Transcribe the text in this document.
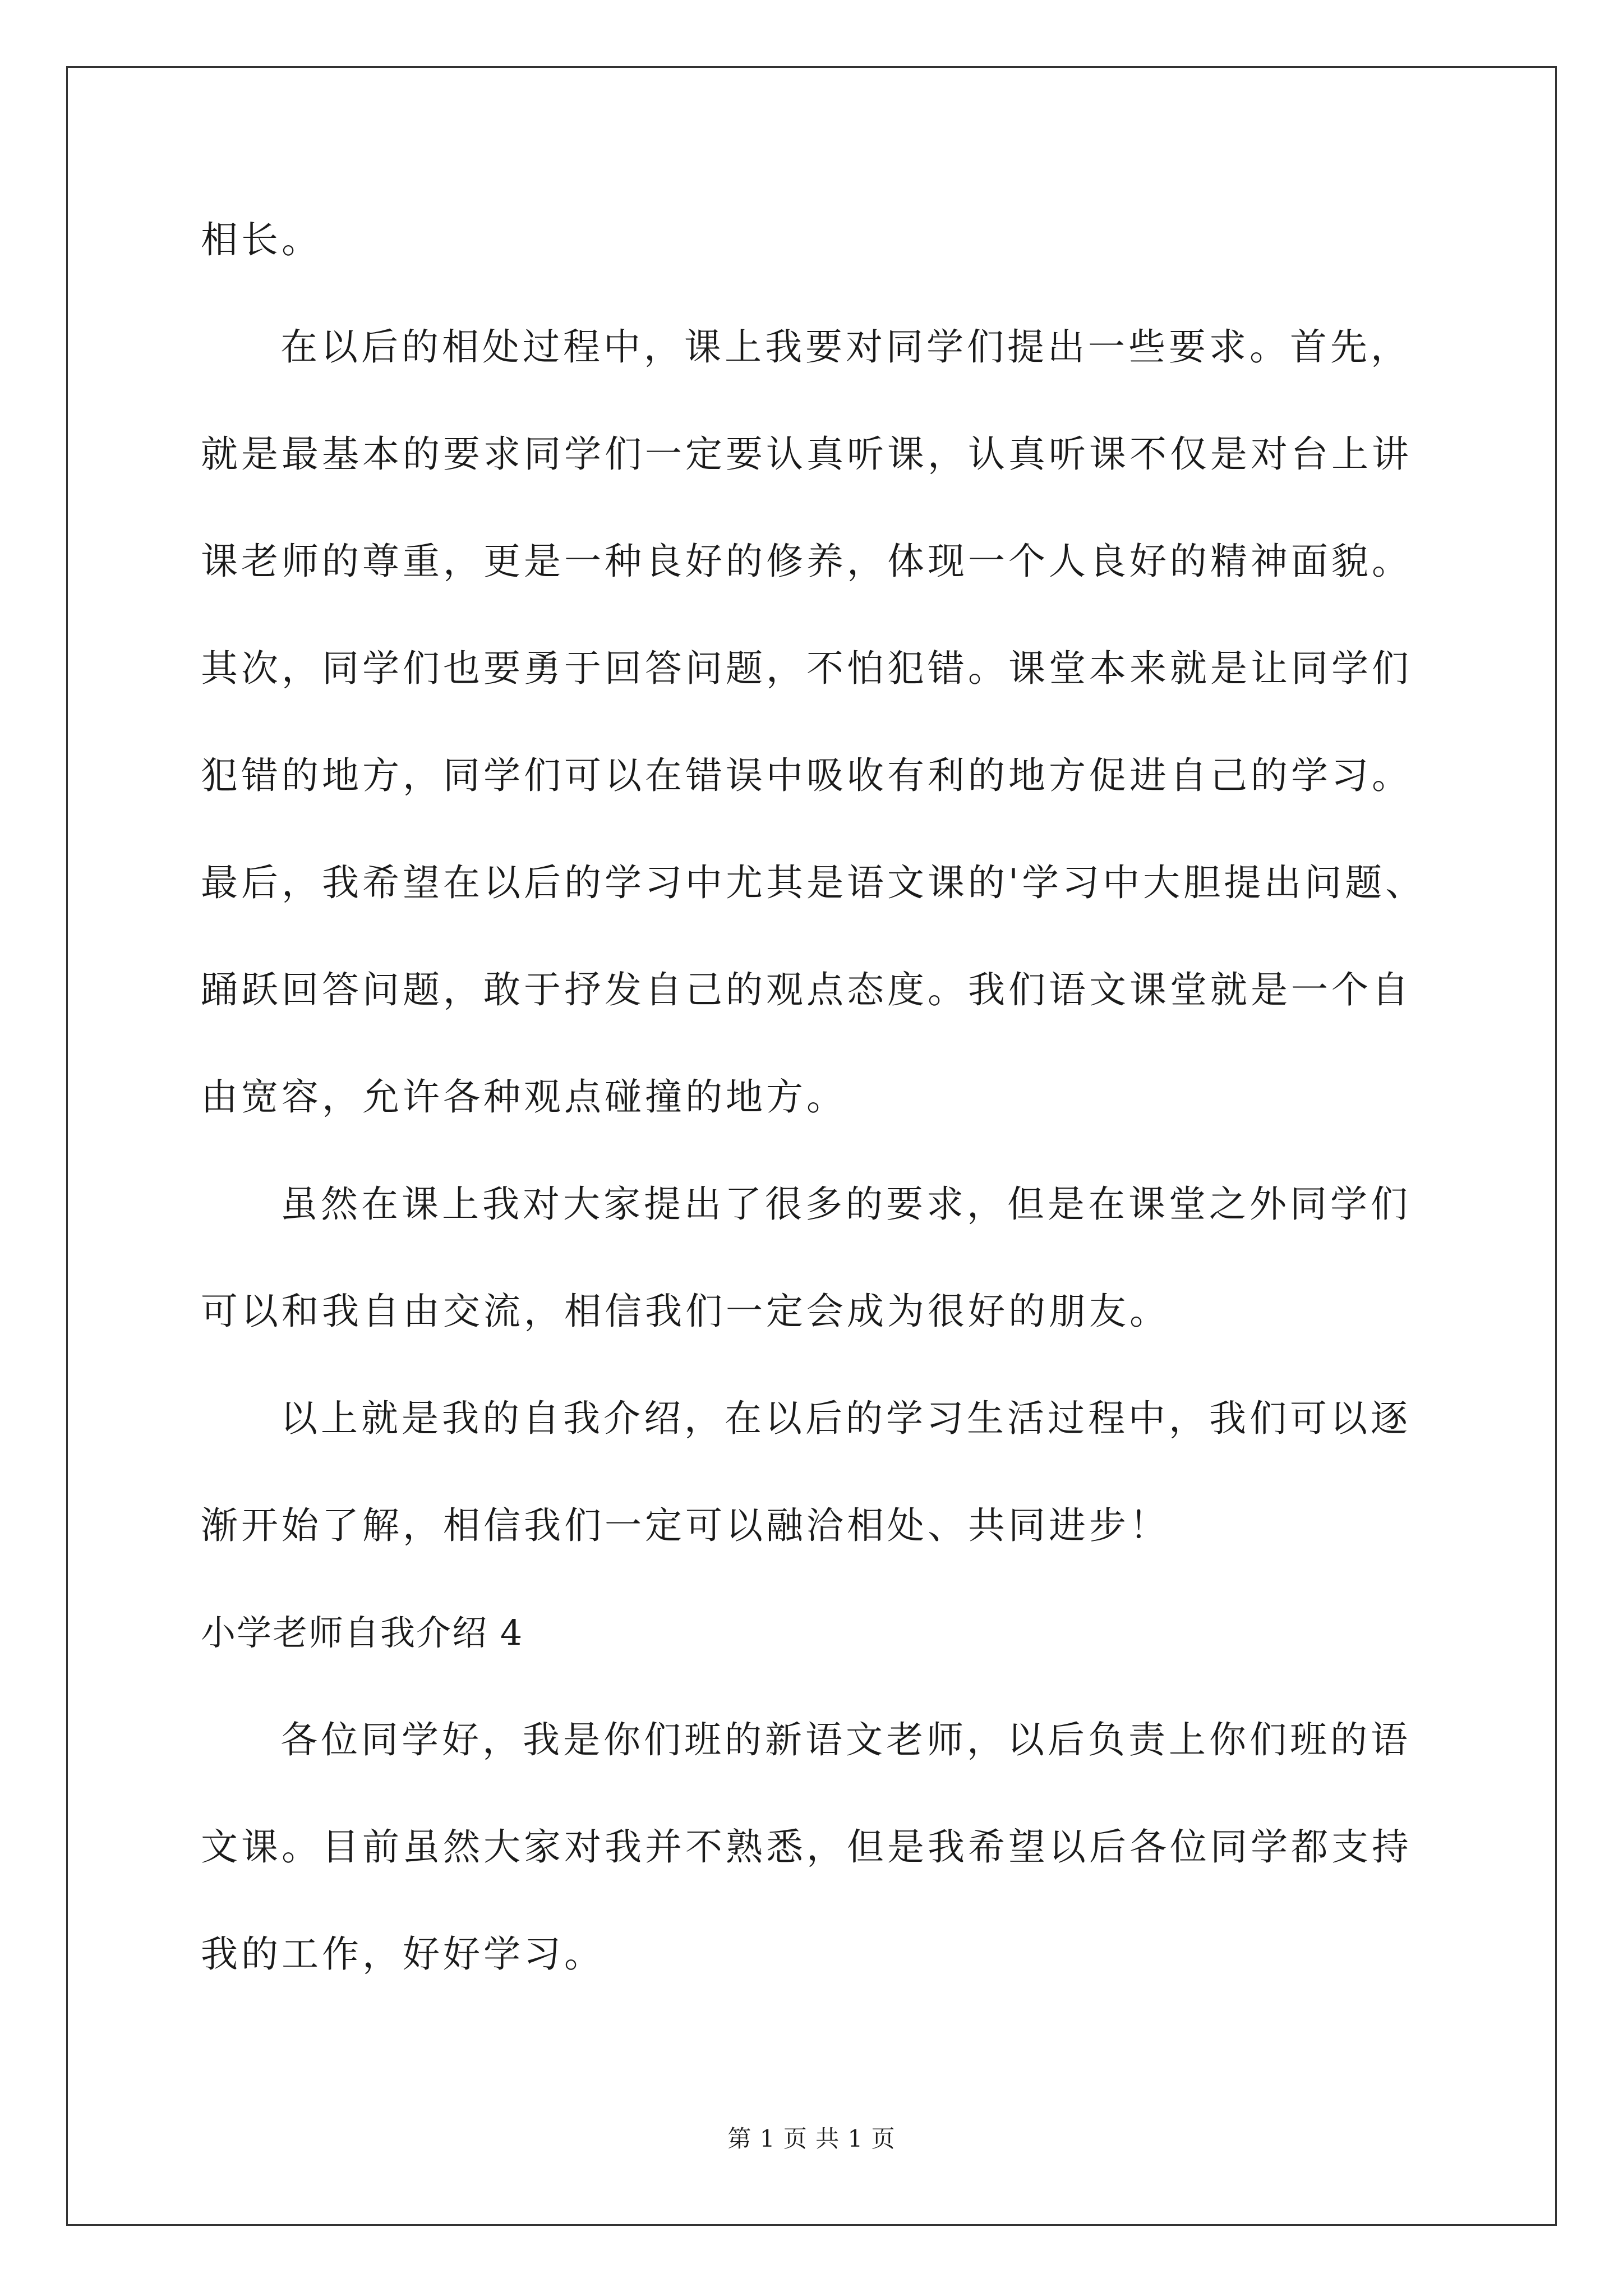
相长。
在以后的相处过程中，课上我要对同学们提出一些要求。首先，
就是最基本的要求同学们一定要认真听课，认真听课不仅是对台上讲
课老师的尊重，更是一种良好的修养，体现一个人良好的精神面貌。
其次，同学们也要勇于回答问题，不怕犯错。课堂本来就是让同学们
犯错的地方，同学们可以在错误中吸收有利的地方促进自己的学习。
最后，我希望在以后的学习中尤其是语文课的'学习中大胆提出问题、
踊跃回答问题，敢于抒发自己的观点态度。我们语文课堂就是一个自
由宽容，允许各种观点碰撞的地方。
虽然在课上我对大家提出了很多的要求，但是在课堂之外同学们
可以和我自由交流，相信我们一定会成为很好的朋友。
以上就是我的自我介绍，在以后的学习生活过程中，我们可以逐
渐开始了解，相信我们一定可以融洽相处、共同进步！
小学老师自我介绍 4
各位同学好，我是你们班的新语文老师，以后负责上你们班的语
文课。目前虽然大家对我并不熟悉，但是我希望以后各位同学都支持
我的工作，好好学习。
第 1 页 共 1 页
